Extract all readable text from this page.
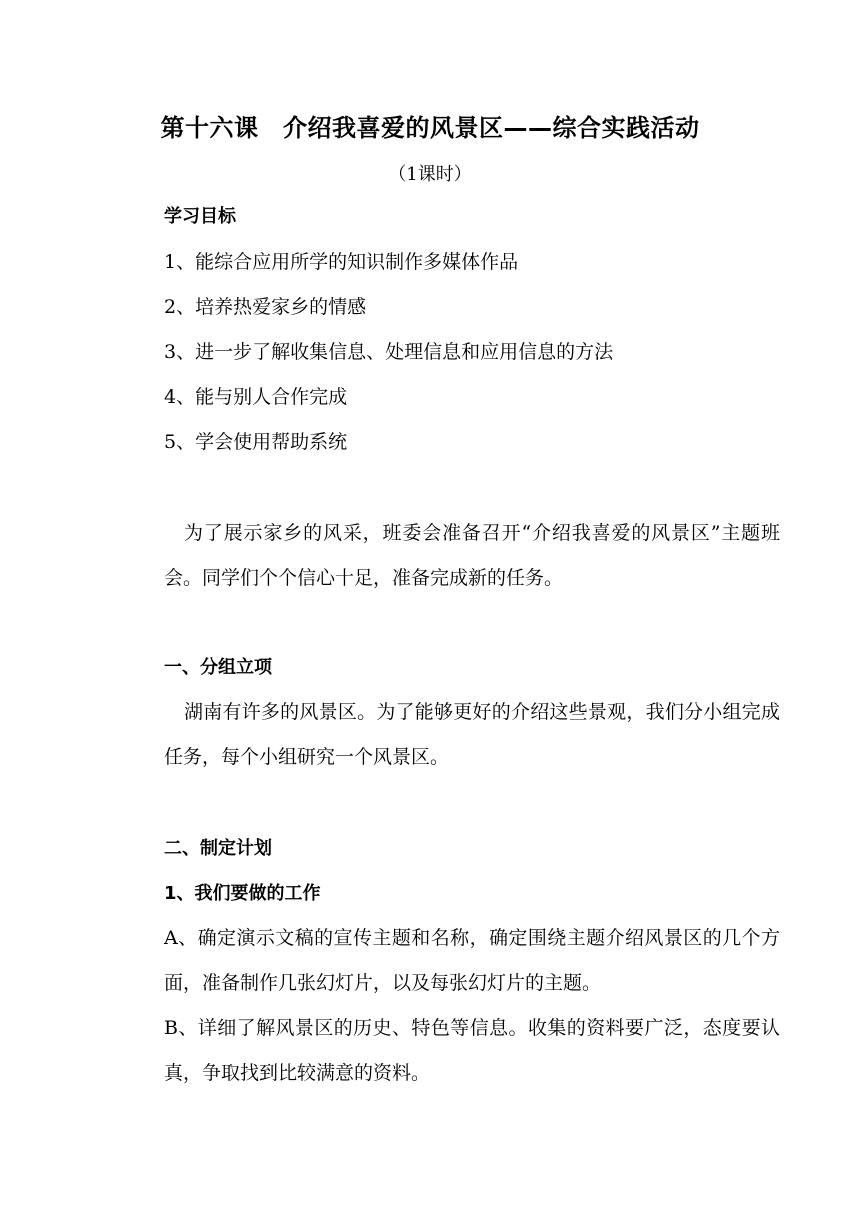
第十六课　介绍我喜爱的风景区——综合实践活动
（1课时）
学习目标
1、能综合应用所学的知识制作多媒体作品
2、培养热爱家乡的情感
3、进一步了解收集信息、处理信息和应用信息的方法
4、能与别人合作完成
5、学会使用帮助系统
为了展示家乡的风采，班委会准备召开“介绍我喜爱的风景区”主题班会。同学们个个信心十足，准备完成新的任务。
一、分组立项
湖南有许多的风景区。为了能够更好的介绍这些景观，我们分小组完成任务，每个小组研究一个风景区。
二、制定计划
1、我们要做的工作
A、确定演示文稿的宣传主题和名称，确定围绕主题介绍风景区的几个方面，准备制作几张幻灯片，以及每张幻灯片的主题。
B、详细了解风景区的历史、特色等信息。收集的资料要广泛，态度要认真，争取找到比较满意的资料。
